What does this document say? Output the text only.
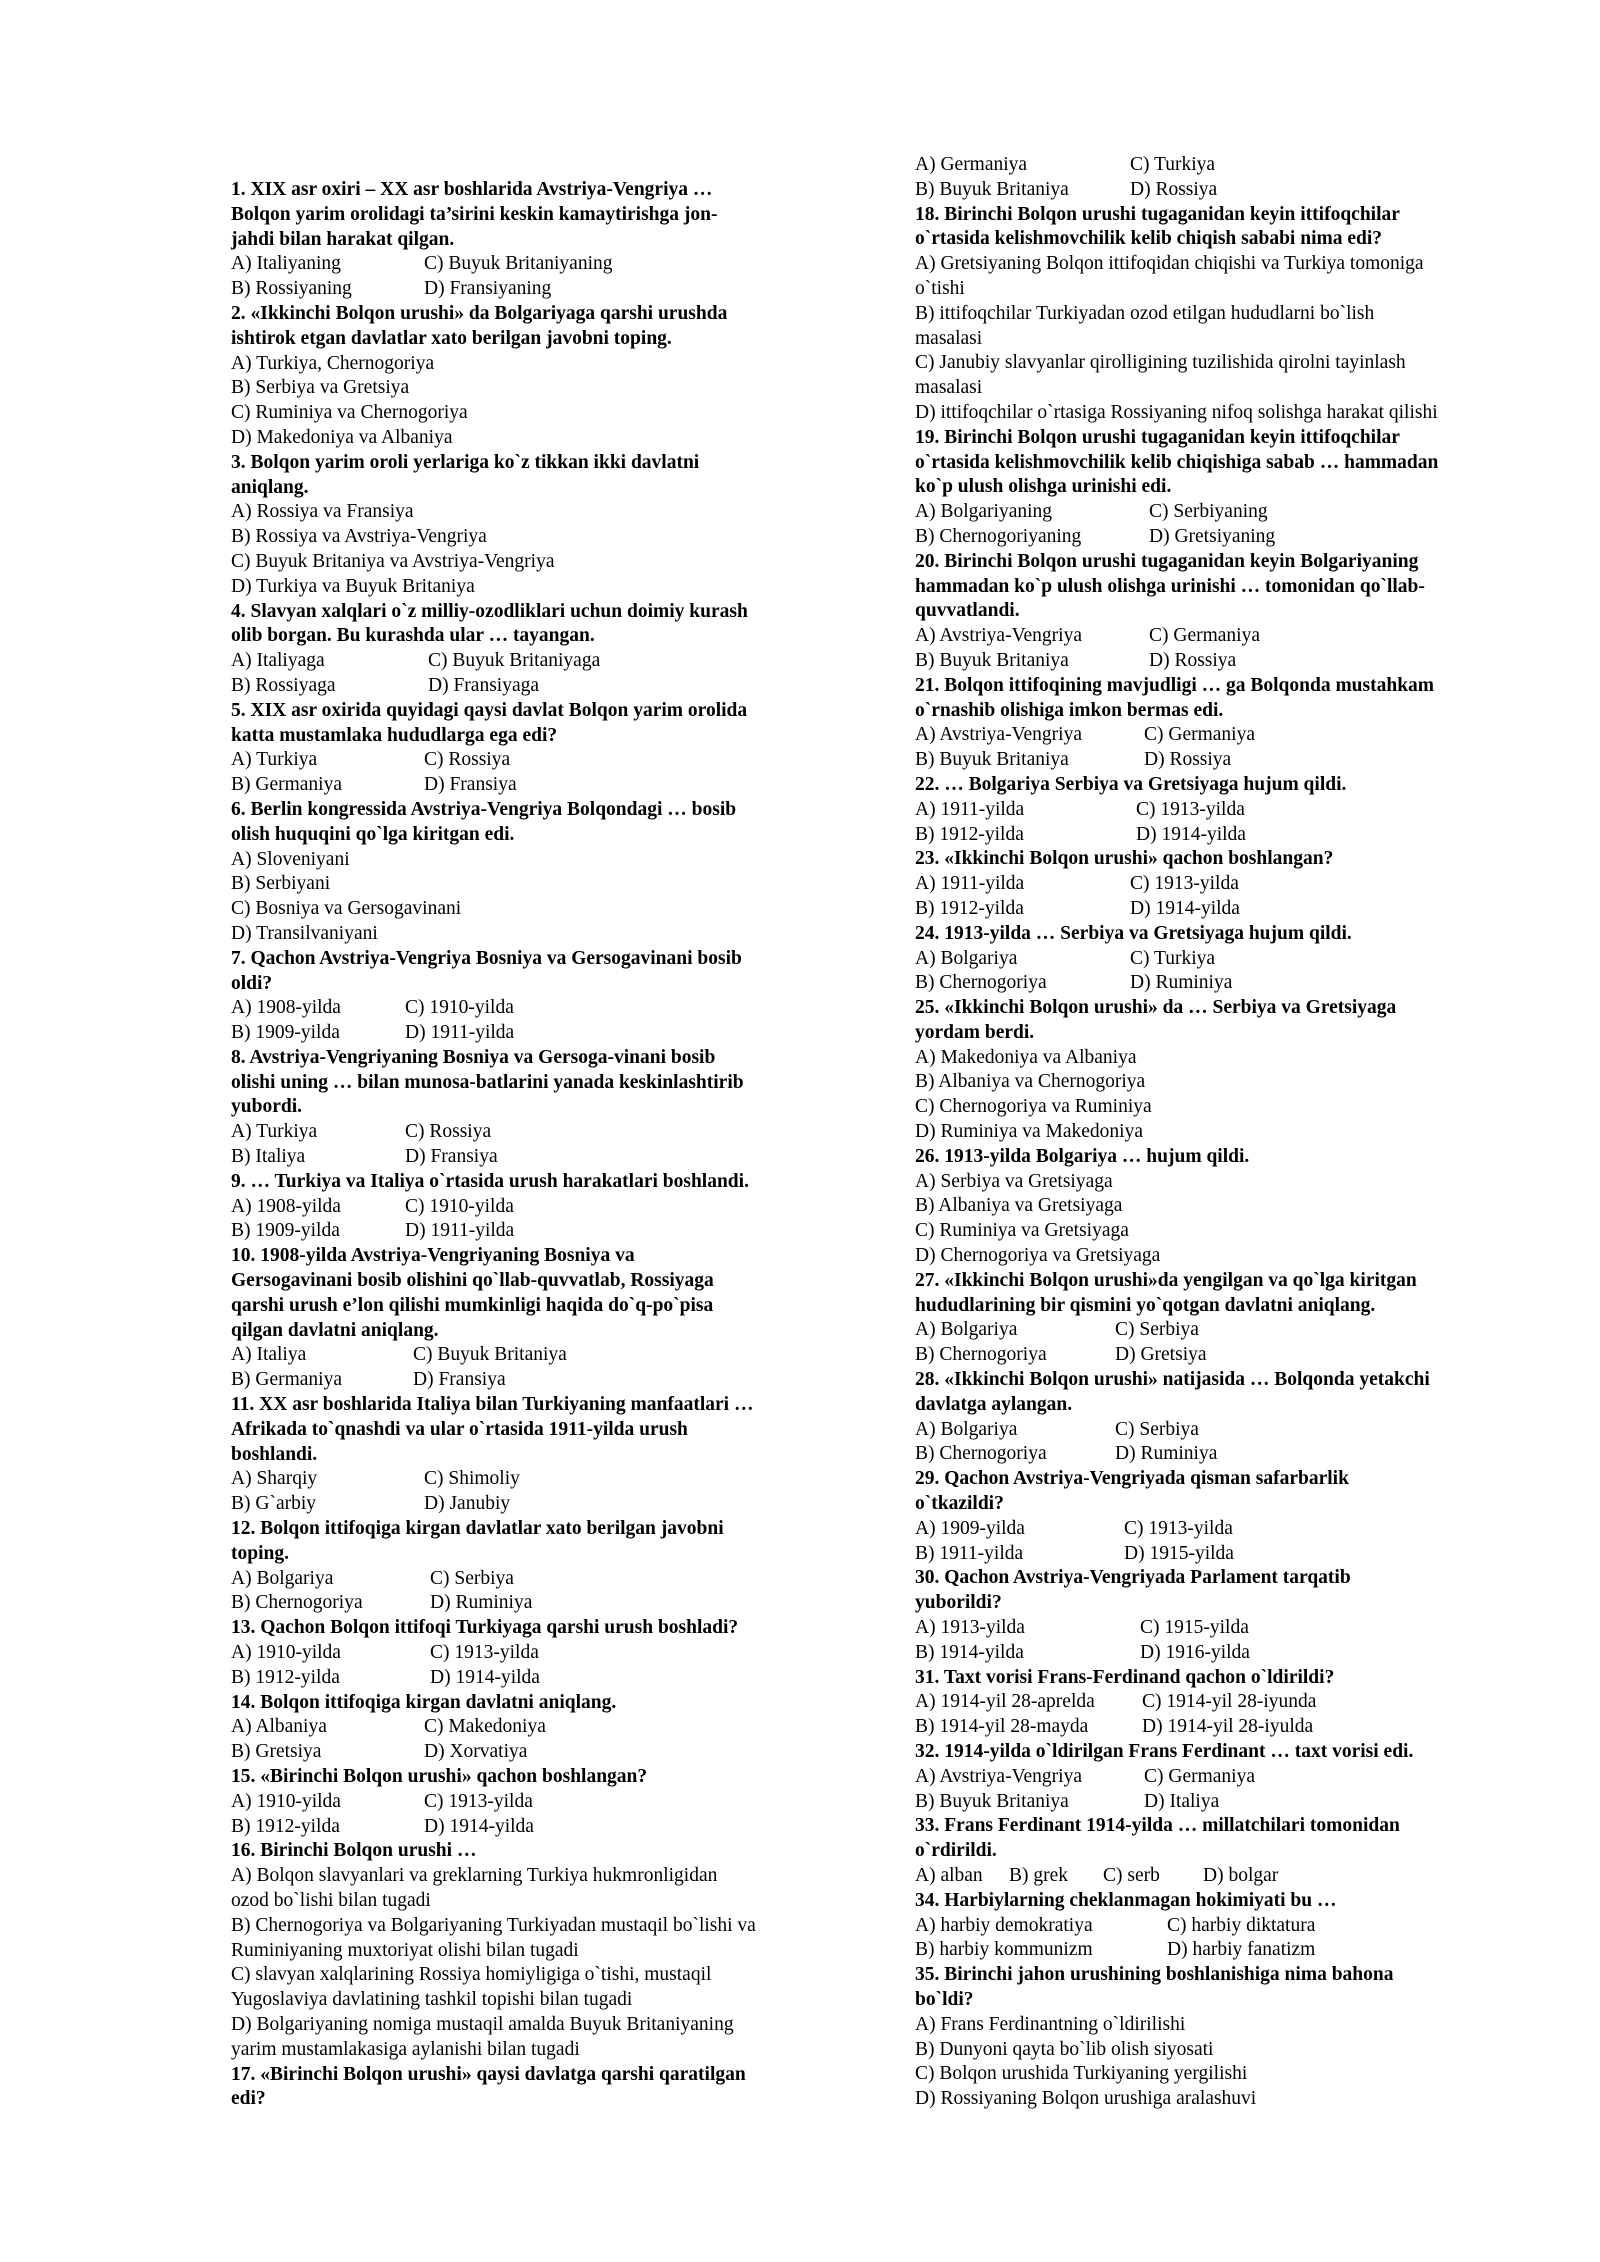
1. XIX asr oxiri – XX asr boshlarida Avstriya-Vengriya …
Bolqon yarim orolidagi ta’sirini keskin kamaytirishga jon-
jahdi bilan harakat qilgan.
A) Italiyaning	C) Buyuk Britaniyaning
B) Rossiyaning	D) Fransiyaning
2. «Ikkinchi Bolqon urushi» da Bolgariyaga qarshi urushda
ishtirok etgan davlatlar xato berilgan javobni toping.
A) Turkiya, Chernogoriya
B) Serbiya va Gretsiya
C) Ruminiya va Chernogoriya
D) Makedoniya va Albaniya
3. Bolqon yarim oroli yerlariga ko`z tikkan ikki davlatni
aniqlang.
A) Rossiya va Fransiya
B) Rossiya va Avstriya-Vengriya
C) Buyuk Britaniya va Avstriya-Vengriya
D) Turkiya va Buyuk Britaniya
4. Slavyan xalqlari o`z milliy-ozodliklari uchun doimiy kurash
olib borgan. Bu kurashda ular … tayangan.
A) Italiyaga	C) Buyuk Britaniyaga
B) Rossiyaga	D) Fransiyaga
5. XIX asr oxirida quyidagi qaysi davlat Bolqon yarim orolida
katta mustamlaka hududlarga ega edi?
A) Turkiya	C) Rossiya
B) Germaniya	D) Fransiya
6. Berlin kongressida Avstriya-Vengriya Bolqondagi … bosib
olish huquqini qo`lga kiritgan edi.
A) Sloveniyani
B) Serbiyani
C) Bosniya va Gersogavinani
D) Transilvaniyani
7. Qachon Avstriya-Vengriya Bosniya va Gersogavinani bosib
oldi?
A) 1908-yilda	C) 1910-yilda
B) 1909-yilda	D) 1911-yilda
8. Avstriya-Vengriyaning Bosniya va Gersoga-vinani bosib
olishi uning … bilan munosa-batlarini yanada keskinlashtirib
yubordi.
A) Turkiya	C) Rossiya
B) Italiya	D) Fransiya
9. … Turkiya va Italiya o`rtasida urush harakatlari boshlandi.
A) 1908-yilda	C) 1910-yilda
B) 1909-yilda	D) 1911-yilda
10. 1908-yilda Avstriya-Vengriyaning Bosniya va
Gersogavinani bosib olishini qo`llab-quvvatlab, Rossiyaga
qarshi urush e’lon qilishi mumkinligi haqida do`q-po`pisa
qilgan davlatni aniqlang.
A) Italiya	C) Buyuk Britaniya
B) Germaniya	D) Fransiya
11. XX asr boshlarida Italiya bilan Turkiyaning manfaatlari …
Afrikada to`qnashdi va ular o`rtasida 1911-yilda urush
boshlandi.
A) Sharqiy	C) Shimoliy
B) G`arbiy	D) Janubiy
12. Bolqon ittifoqiga kirgan davlatlar xato berilgan javobni
toping.
A) Bolgariya	C) Serbiya
B) Chernogoriya	D) Ruminiya
13. Qachon Bolqon ittifoqi Turkiyaga qarshi urush boshladi?
A) 1910-yilda	C) 1913-yilda
B) 1912-yilda	D) 1914-yilda
14. Bolqon ittifoqiga kirgan davlatni aniqlang.
A) Albaniya	C) Makedoniya
B) Gretsiya	D) Xorvatiya
15. «Birinchi Bolqon urushi» qachon boshlangan?
A) 1910-yilda	C) 1913-yilda
B) 1912-yilda	D) 1914-yilda
16. Birinchi Bolqon urushi …
A) Bolqon slavyanlari va greklarning Turkiya hukmronligidan
ozod bo`lishi bilan tugadi
B) Chernogoriya va Bolgariyaning Turkiyadan mustaqil bo`lishi va
Ruminiyaning muxtoriyat olishi bilan tugadi
C) slavyan xalqlarining Rossiya homiyligiga o`tishi, mustaqil
Yugoslaviya davlatining tashkil topishi bilan tugadi
D) Bolgariyaning nomiga mustaqil amalda Buyuk Britaniyaning
yarim mustamlakasiga aylanishi bilan tugadi
17. «Birinchi Bolqon urushi» qaysi davlatga qarshi qaratilgan
edi?
A) Germaniya	C) Turkiya
B) Buyuk Britaniya	D) Rossiya
18. Birinchi Bolqon urushi tugaganidan keyin ittifoqchilar
o`rtasida kelishmovchilik kelib chiqish sababi nima edi?
A) Gretsiyaning Bolqon ittifoqidan chiqishi va Turkiya tomoniga
o`tishi
B) ittifoqchilar Turkiyadan ozod etilgan hududlarni bo`lish
masalasi
C) Janubiy slavyanlar qirolligining tuzilishida qirolni tayinlash
masalasi
D) ittifoqchilar o`rtasiga Rossiyaning nifoq solishga harakat qilishi
19. Birinchi Bolqon urushi tugaganidan keyin ittifoqchilar
o`rtasida kelishmovchilik kelib chiqishiga sabab … hammadan
ko`p ulush olishga urinishi edi.
A) Bolgariyaning	C) Serbiyaning
B) Chernogoriyaning	D) Gretsiyaning
20. Birinchi Bolqon urushi tugaganidan keyin Bolgariyaning
hammadan ko`p ulush olishga urinishi … tomonidan qo`llab-
quvvatlandi.
A) Avstriya-Vengriya	C) Germaniya
B) Buyuk Britaniya	D) Rossiya
21. Bolqon ittifoqining mavjudligi … ga Bolqonda mustahkam
o`rnashib olishiga imkon bermas edi.
A) Avstriya-Vengriya	C) Germaniya
B) Buyuk Britaniya	D) Rossiya
22. … Bolgariya Serbiya va Gretsiyaga hujum qildi.
A) 1911-yilda	C) 1913-yilda
B) 1912-yilda	D) 1914-yilda
23. «Ikkinchi Bolqon urushi» qachon boshlangan?
A) 1911-yilda	C) 1913-yilda
B) 1912-yilda	D) 1914-yilda
24. 1913-yilda … Serbiya va Gretsiyaga hujum qildi.
A) Bolgariya	C) Turkiya
B) Chernogoriya	D) Ruminiya
25. «Ikkinchi Bolqon urushi» da … Serbiya va Gretsiyaga
yordam berdi.
A) Makedoniya va Albaniya
B) Albaniya va Chernogoriya
C) Chernogoriya va Ruminiya
D) Ruminiya va Makedoniya
26. 1913-yilda Bolgariya … hujum qildi.
A) Serbiya va Gretsiyaga
B) Albaniya va Gretsiyaga
C) Ruminiya va Gretsiyaga
D) Chernogoriya va Gretsiyaga
27. «Ikkinchi Bolqon urushi»da yengilgan va qo`lga kiritgan
hududlarining bir qismini yo`qotgan davlatni aniqlang.
A) Bolgariya	C) Serbiya
B) Chernogoriya	D) Gretsiya
28. «Ikkinchi Bolqon urushi» natijasida … Bolqonda yetakchi
davlatga aylangan.
A) Bolgariya	C) Serbiya
B) Chernogoriya	D) Ruminiya
29. Qachon Avstriya-Vengriyada qisman safarbarlik
o`tkazildi?
A) 1909-yilda	C) 1913-yilda
B) 1911-yilda	D) 1915-yilda
30. Qachon Avstriya-Vengriyada Parlament tarqatib
yuborildi?
A) 1913-yilda	C) 1915-yilda
B) 1914-yilda	D) 1916-yilda
31. Taxt vorisi Frans-Ferdinand qachon o`ldirildi?
A) 1914-yil 28-aprelda C) 1914-yil 28-iyunda
B) 1914-yil 28-mayda	D) 1914-yil 28-iyulda
32. 1914-yilda o`ldirilgan Frans Ferdinant … taxt vorisi edi.
A) Avstriya-Vengriya	C) Germaniya
B) Buyuk Britaniya	D) Italiya
33. Frans Ferdinant 1914-yilda … millatchilari tomonidan
o`rdirildi.
A) alban B) grek C) serb D) bolgar
34. Harbiylarning cheklanmagan hokimiyati bu …
A) harbiy demokratiya	C) harbiy diktatura
B) harbiy kommunizm	D) harbiy fanatizm
35. Birinchi jahon urushining boshlanishiga nima bahona
bo`ldi?
A) Frans Ferdinantning o`ldirilishi
B) Dunyoni qayta bo`lib olish siyosati
C) Bolqon urushida Turkiyaning yergilishi
D) Rossiyaning Bolqon urushiga aralashuvi
